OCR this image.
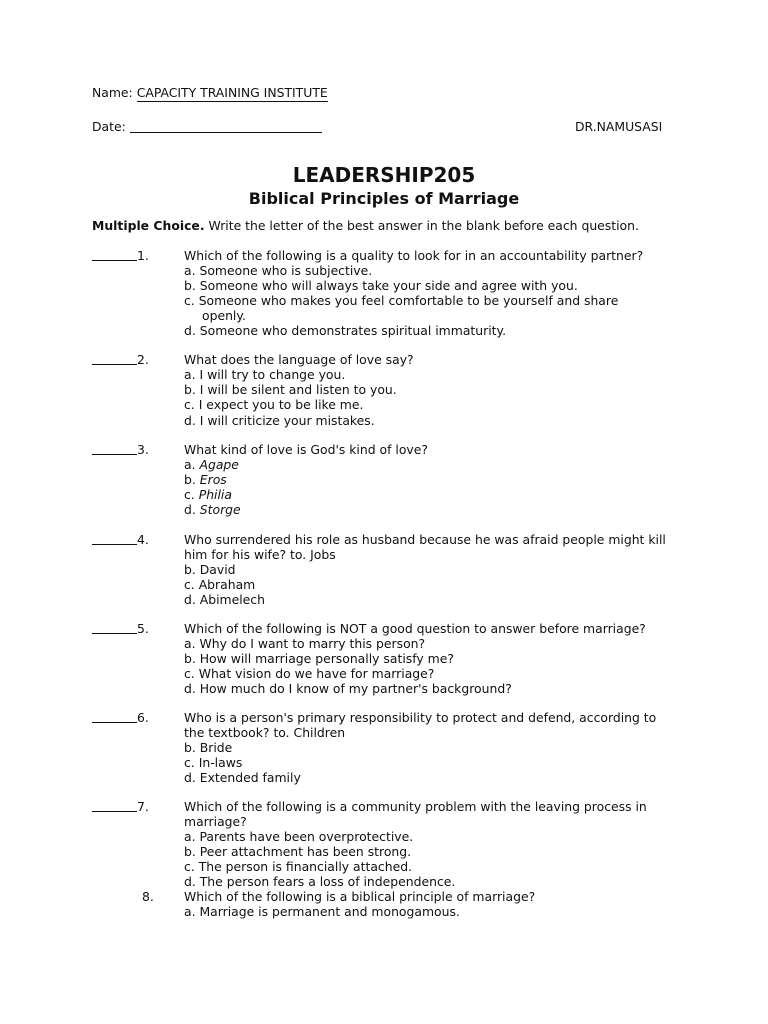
Name: CAPACITY TRAINING INSTITUTE
Date:	DR.NAMUSASI
LEADERSHIP205
Biblical Principles of Marriage
Multiple Choice. Write the letter of the best answer in the blank before each question.
1.	Which of the following is a quality to look for in an accountability partner?
a. Someone who is subjective.
b. Someone who will always take your side and agree with you.
c. Someone who makes you feel comfortable to be yourself and share
openly.
d. Someone who demonstrates spiritual immaturity.
2.	What does the language of love say?
a. I will try to change you.
b. I will be silent and listen to you.
c. I expect you to be like me.
d. I will criticize your mistakes.
3.	What kind of love is God's kind of love?
a. Agape
b. Eros
c. Philia
d. Storge
4.	Who surrendered his role as husband because he was afraid people might kill
him for his wife? to. Jobs
b. David
c. Abraham
d. Abimelech
5.	Which of the following is NOT a good question to answer before marriage?
a. Why do I want to marry this person?
b. How will marriage personally satisfy me?
c. What vision do we have for marriage?
d. How much do I know of my partner's background?
6.	Who is a person's primary responsibility to protect and defend, according to
the textbook? to. Children
b. Bride
c. In-laws
d. Extended family
7.	Which of the following is a community problem with the leaving process in
marriage?
a. Parents have been overprotective.
b. Peer attachment has been strong.
c. The person is financially attached.
d. The person fears a loss of independence.
8. Which of the following is a biblical principle of marriage?
a. Marriage is permanent and monogamous.
